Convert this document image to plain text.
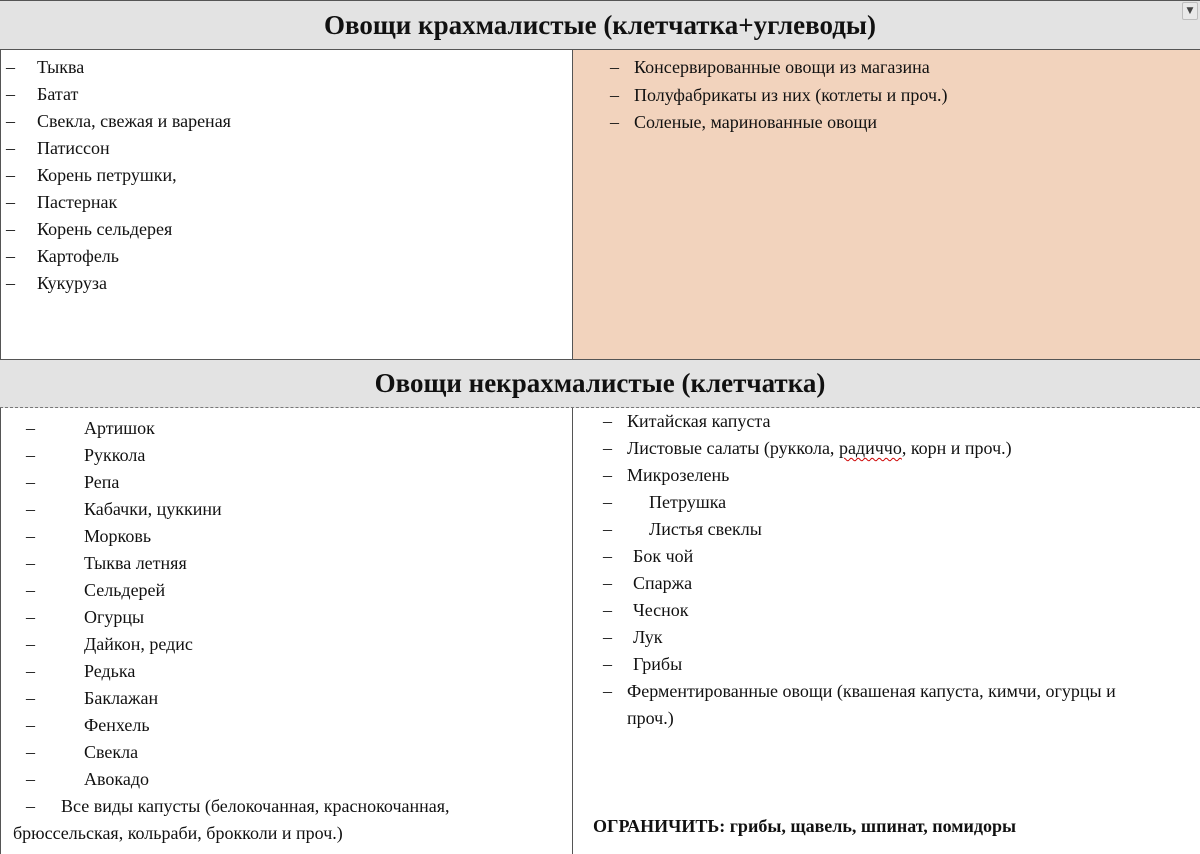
Овощи крахмалистые (клетчатка+углеводы)	▼
– Тыква
– Батат
– Свекла, свежая и вареная
– Патиссон
– Корень петрушки,
– Пастернак
– Корень сельдерея
– Картофель
– Кукуруза
– Консервированные овощи из магазина
– Полуфабрикаты из них (котлеты и проч.)
– Соленые, маринованные овощи
Овощи некрахмалистые (клетчатка)
–	Артишок
–	Руккола
–	Репа
–	Кабачки, цуккини
–	Морковь
–	Тыква летняя
–	Сельдерей
–	Огурцы
–	Дайкон, редис
–	Редька
–	Баклажан
–	Фенхель
–	Свекла
–	Авокадо
– Все виды капусты (белокочанная, краснокочанная,
брюссельская, кольраби, брокколи и проч.)
– Китайская капуста
– Листовые салаты (руккола, радиччо, корн и проч.)
– Микрозелень
– Петрушка
– Листья свеклы
– Бок чой
– Спаржа
– Чеснок
– Лук
– Грибы
– Ферментированные овощи (квашеная капуста, кимчи, огурцы и
проч.)
ОГРАНИЧИТЬ: грибы, щавель, шпинат, помидоры
